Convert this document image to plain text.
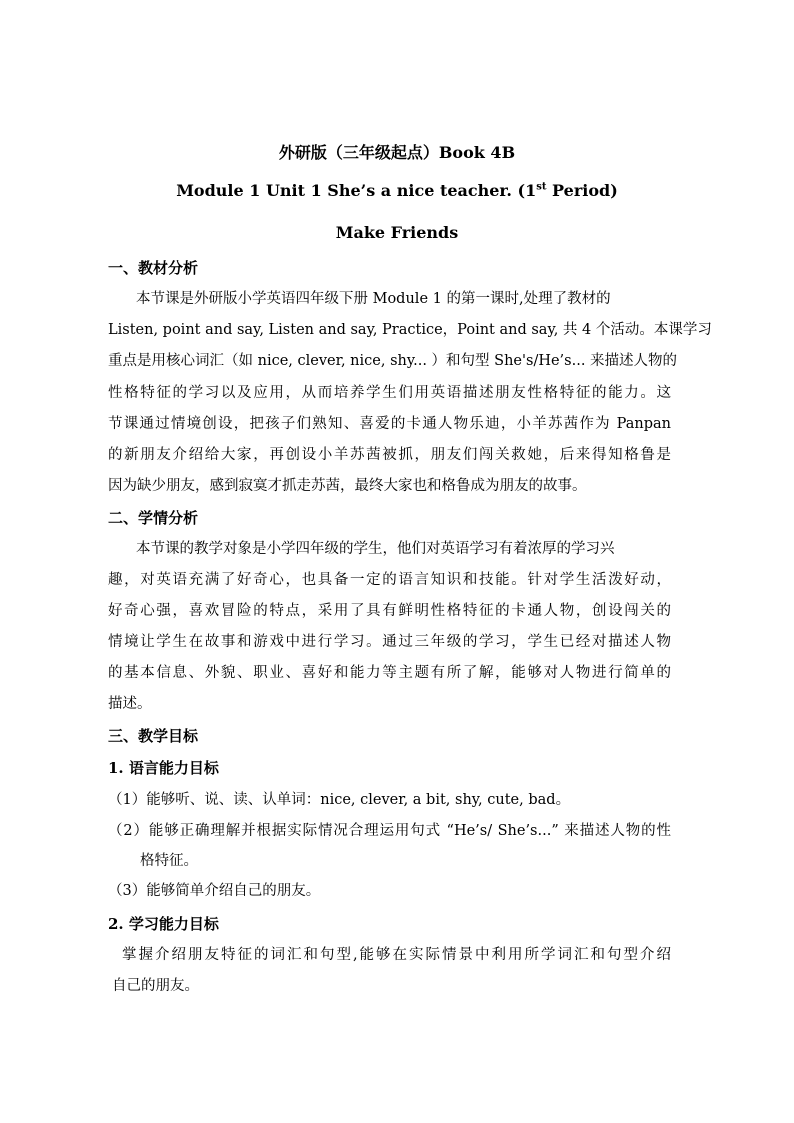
外研版（三年级起点）Book 4B
Module 1 Unit 1 She’s a nice teacher. (1st Period)
Make Friends
一、教材分析
本节课是外研版小学英语四年级下册 Module 1 的第一课时,处理了教材的
Listen, point and say, Listen and say, Practice，Point and say, 共 4 个活动。本课学习
重点是用核心词汇（如 nice, clever, nice, shy... ）和句型 She's/He’s... 来描述人物的
性格特征的学习以及应用，从而培养学生们用英语描述朋友性格特征的能力。这
节课通过情境创设，把孩子们熟知、喜爱的卡通人物乐迪，小羊苏茜作为 Panpan
的新朋友介绍给大家，再创设小羊苏茜被抓，朋友们闯关救她，后来得知格鲁是
因为缺少朋友，感到寂寞才抓走苏茜，最终大家也和格鲁成为朋友的故事。
二、学情分析
本节课的教学对象是小学四年级的学生，他们对英语学习有着浓厚的学习兴
趣，对英语充满了好奇心，也具备一定的语言知识和技能。针对学生活泼好动，
好奇心强，喜欢冒险的特点，采用了具有鲜明性格特征的卡通人物，创设闯关的
情境让学生在故事和游戏中进行学习。通过三年级的学习，学生已经对描述人物
的基本信息、外貌、职业、喜好和能力等主题有所了解，能够对人物进行简单的
描述。
三、教学目标
1. 语言能力目标
（1）能够听、说、读、认单词：nice, clever, a bit, shy, cute, bad。
（2）能够正确理解并根据实际情况合理运用句式 “He’s/ She’s...” 来描述人物的性
格特征。
（3）能够简单介绍自己的朋友。
2. 学习能力目标
掌握介绍朋友特征的词汇和句型,能够在实际情景中利用所学词汇和句型介绍
自己的朋友。
